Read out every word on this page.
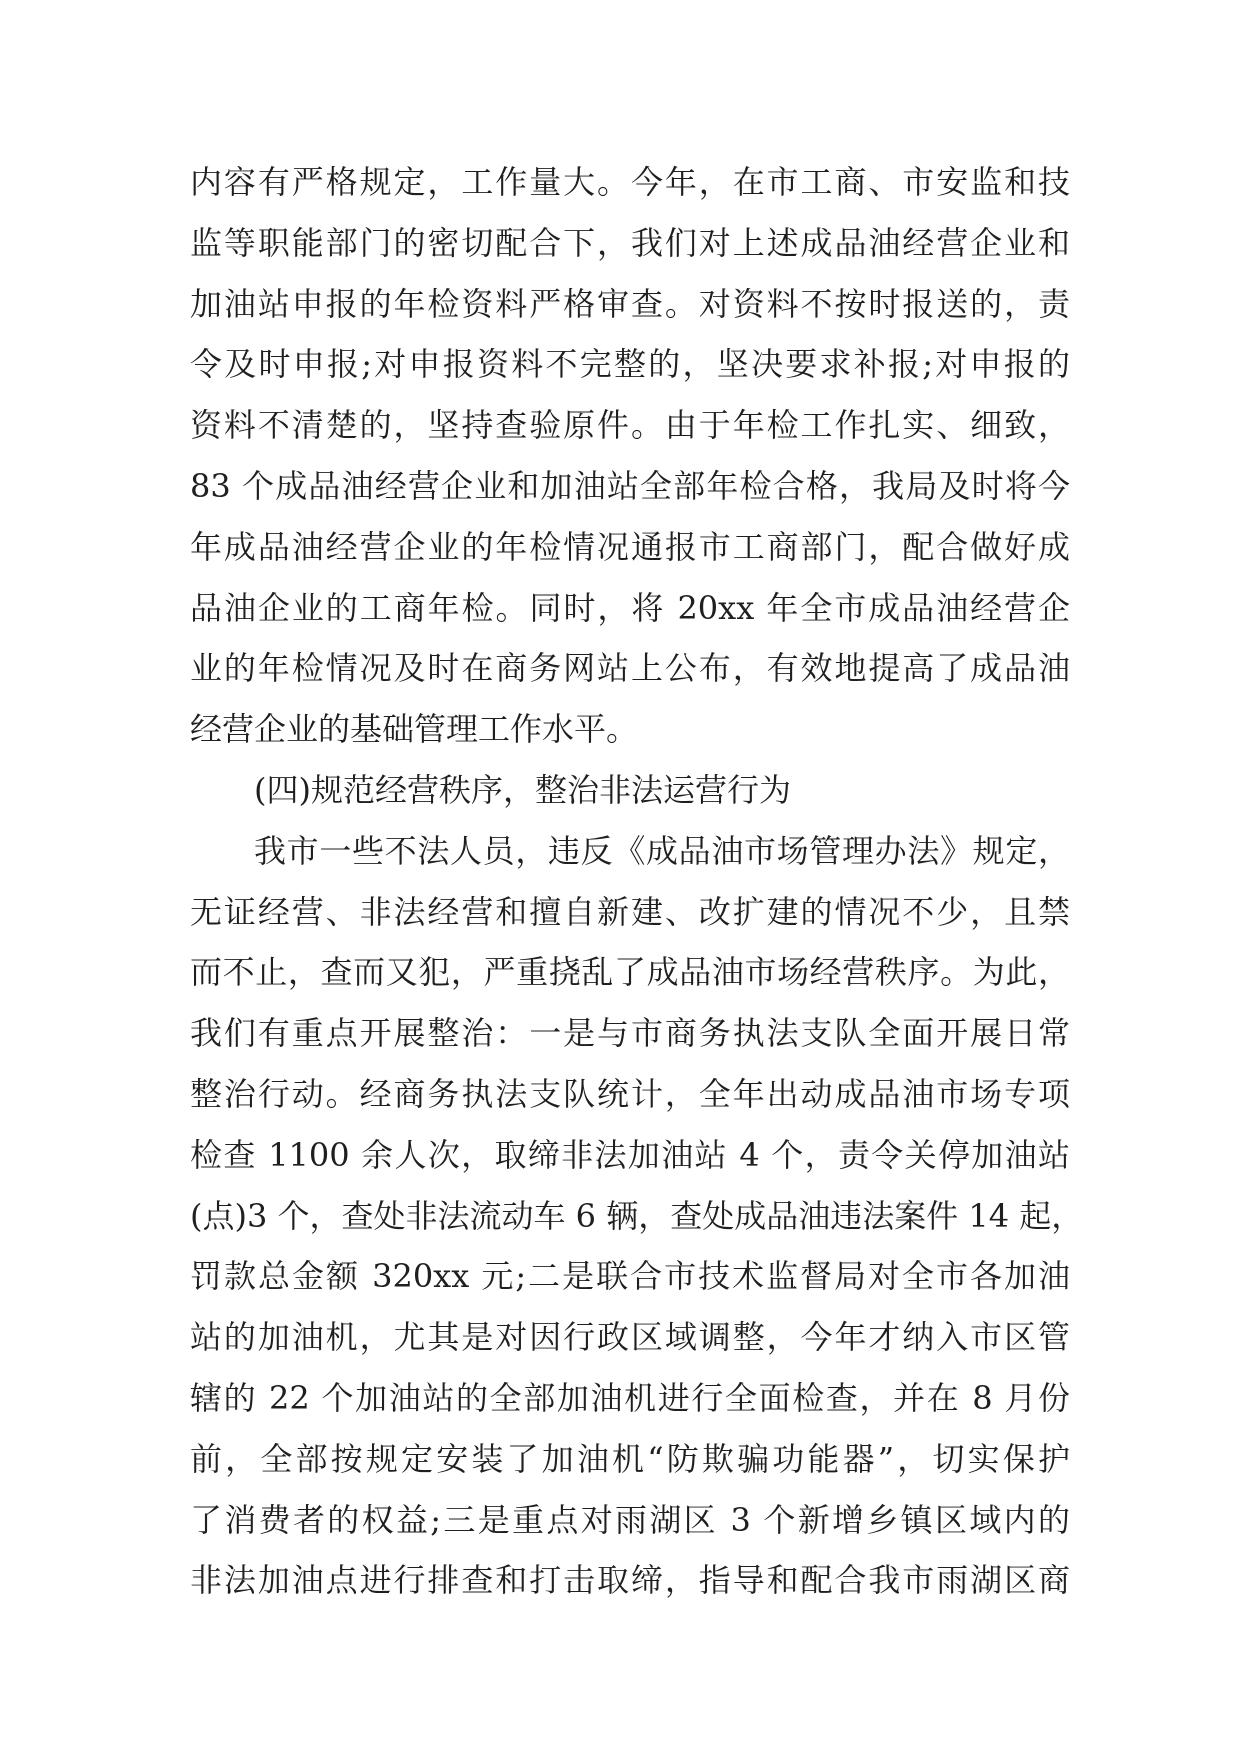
内容有严格规定，工作量大。今年，在市工商、市安监和技
监等职能部门的密切配合下，我们对上述成品油经营企业和
加油站申报的年检资料严格审查。对资料不按时报送的，责
令及时申报;对申报资料不完整的，坚决要求补报;对申报的
资料不清楚的，坚持查验原件。由于年检工作扎实、细致，
83 个成品油经营企业和加油站全部年检合格，我局及时将今
年成品油经营企业的年检情况通报市工商部门，配合做好成
品油企业的工商年检。同时，将 20xx 年全市成品油经营企
业的年检情况及时在商务网站上公布，有效地提高了成品油
经营企业的基础管理工作水平。
(四)规范经营秩序，整治非法运营行为
我市一些不法人员，违反《成品油市场管理办法》规定，
无证经营、非法经营和擅自新建、改扩建的情况不少，且禁
而不止，查而又犯，严重挠乱了成品油市场经营秩序。为此，
我们有重点开展整治：一是与市商务执法支队全面开展日常
整治行动。经商务执法支队统计，全年出动成品油市场专项
检查 1100 余人次，取缔非法加油站 4 个，责令关停加油站
(点)3 个，查处非法流动车 6 辆，查处成品油违法案件 14 起，
罚款总金额 320xx 元;二是联合市技术监督局对全市各加油
站的加油机，尤其是对因行政区域调整，今年才纳入市区管
辖的 22 个加油站的全部加油机进行全面检查，并在 8 月份
前，全部按规定安装了加油机“防欺骗功能器”，切实保护
了消费者的权益;三是重点对雨湖区 3 个新增乡镇区域内的
非法加油点进行排查和打击取缔，指导和配合我市雨湖区商
